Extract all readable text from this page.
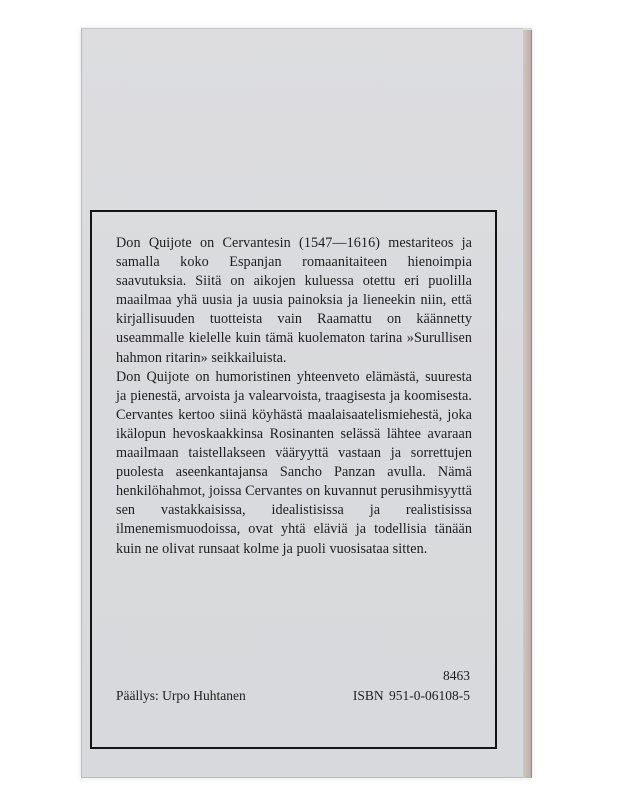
Don Quijote on Cervantesin (1547—1616) mestariteos ja samalla koko Espanjan romaanitaiteen hienoimpia saavutuksia. Siitä on aikojen kuluessa otettu eri puolilla maailmaa yhä uusia ja uusia painoksia ja lieneekin niin, että kirjallisuuden tuotteista vain Raamattu on käännetty useammalle kielelle kuin tämä kuolematon tarina »Surullisen hahmon ritarin» seikkailuista.

Don Quijote on humoristinen yhteenveto elämästä, suuresta ja pienestä, arvoista ja valearvoista, traagisesta ja koomisesta. Cervantes kertoo siinä köyhästä maalaisaatelismiehestä, joka ikälopun hevoskaakkinsa Rosinanten selässä lähtee avaraan maailmaan taistellakseen vääryyttä vastaan ja sorrettujen puolesta aseenkantajansa Sancho Panzan avulla. Nämä henkilöhahmot, joissa Cervantes on kuvannut perusihmisyyttä sen vastakkaisissa, idealistisissa ja realistisissa ilmenemismuodoissa, ovat yhtä eläviä ja todellisia tänään kuin ne olivat runsaat kolme ja puoli vuosisataa sitten.

8463
Päällys: Urpo Huhtanen	ISBN 951-0-06108-5
